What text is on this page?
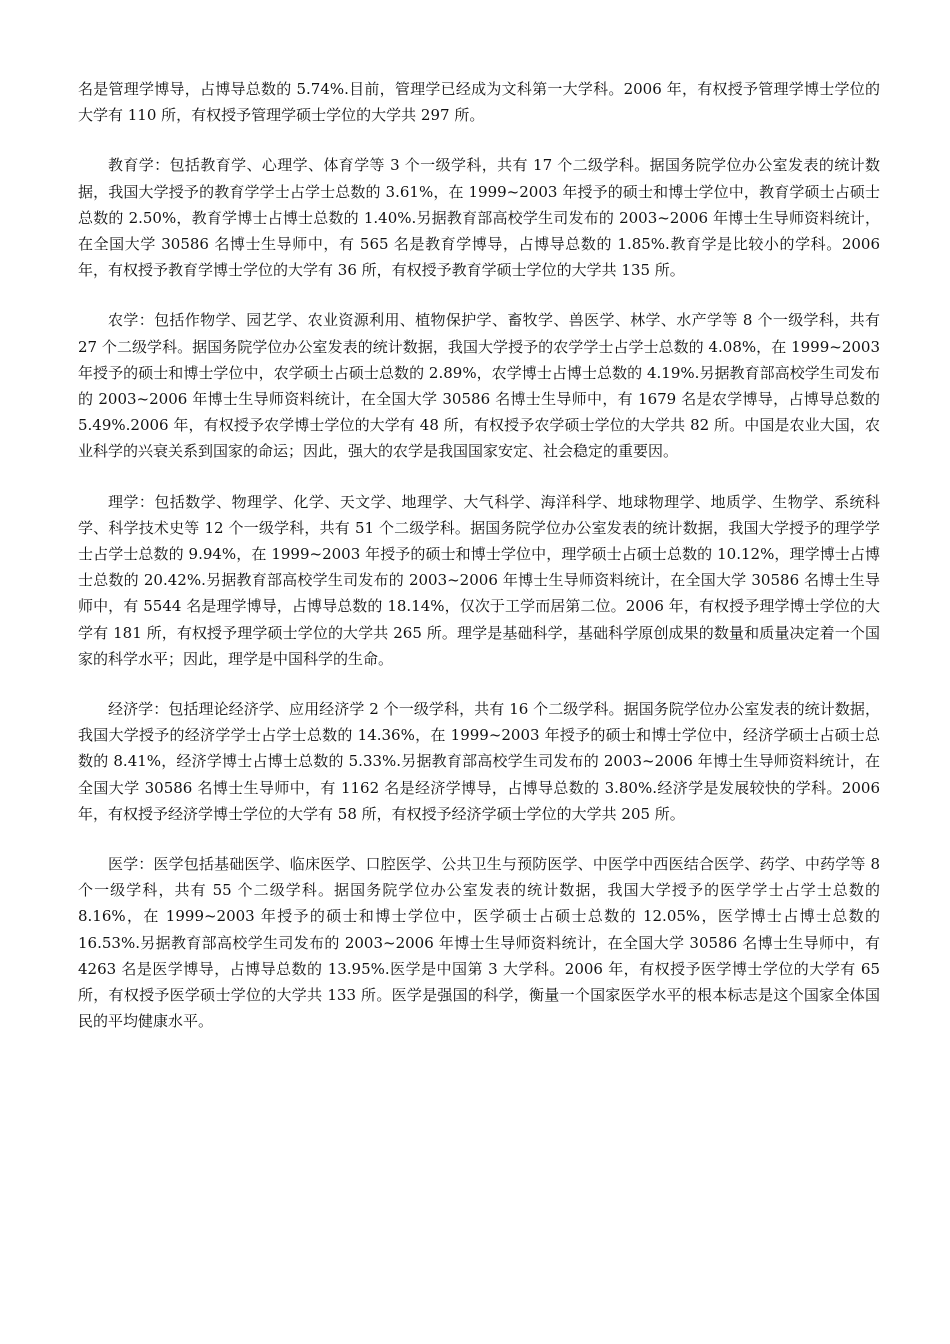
名是管理学博导，占博导总数的 5.74%.目前，管理学已经成为文科第一大学科。2006 年，有权授予管理学博士学位的大学有 110 所，有权授予管理学硕士学位的大学共 297 所。

教育学：包括教育学、心理学、体育学等 3 个一级学科，共有 17 个二级学科。据国务院学位办公室发表的统计数据，我国大学授予的教育学学士占学士总数的 3.61%，在 1999~2003 年授予的硕士和博士学位中，教育学硕士占硕士总数的 2.50%，教育学博士占博士总数的 1.40%.另据教育部高校学生司发布的 2003~2006 年博士生导师资料统计，在全国大学 30586 名博士生导师中，有 565 名是教育学博导，占博导总数的 1.85%.教育学是比较小的学科。2006 年，有权授予教育学博士学位的大学有 36 所，有权授予教育学硕士学位的大学共 135 所。

农学：包括作物学、园艺学、农业资源利用、植物保护学、畜牧学、兽医学、林学、水产学等 8 个一级学科，共有 27 个二级学科。据国务院学位办公室发表的统计数据，我国大学授予的农学学士占学士总数的 4.08%，在 1999~2003 年授予的硕士和博士学位中，农学硕士占硕士总数的 2.89%，农学博士占博士总数的 4.19%.另据教育部高校学生司发布的 2003~2006 年博士生导师资料统计，在全国大学 30586 名博士生导师中，有 1679 名是农学博导，占博导总数的 5.49%.2006 年，有权授予农学博士学位的大学有 48 所，有权授予农学硕士学位的大学共 82 所。中国是农业大国，农业科学的兴衰关系到国家的命运；因此，强大的农学是我国国家安定、社会稳定的重要因。

理学：包括数学、物理学、化学、天文学、地理学、大气科学、海洋科学、地球物理学、地质学、生物学、系统科学、科学技术史等 12 个一级学科，共有 51 个二级学科。据国务院学位办公室发表的统计数据，我国大学授予的理学学士占学士总数的 9.94%，在 1999~2003 年授予的硕士和博士学位中，理学硕士占硕士总数的 10.12%，理学博士占博士总数的 20.42%.另据教育部高校学生司发布的 2003~2006 年博士生导师资料统计，在全国大学 30586 名博士生导师中，有 5544 名是理学博导，占博导总数的 18.14%，仅次于工学而居第二位。2006 年，有权授予理学博士学位的大学有 181 所，有权授予理学硕士学位的大学共 265 所。理学是基础科学，基础科学原创成果的数量和质量决定着一个国家的科学水平；因此，理学是中国科学的生命。

经济学：包括理论经济学、应用经济学 2 个一级学科，共有 16 个二级学科。据国务院学位办公室发表的统计数据，我国大学授予的经济学学士占学士总数的 14.36%，在 1999~2003 年授予的硕士和博士学位中，经济学硕士占硕士总数的 8.41%，经济学博士占博士总数的 5.33%.另据教育部高校学生司发布的 2003~2006 年博士生导师资料统计，在全国大学 30586 名博士生导师中，有 1162 名是经济学博导，占博导总数的 3.80%.经济学是发展较快的学科。2006 年，有权授予经济学博士学位的大学有 58 所，有权授予经济学硕士学位的大学共 205 所。

医学：医学包括基础医学、临床医学、口腔医学、公共卫生与预防医学、中医学中西医结合医学、药学、中药学等 8 个一级学科，共有 55 个二级学科。据国务院学位办公室发表的统计数据，我国大学授予的医学学士占学士总数的 8.16%，在 1999~2003 年授予的硕士和博士学位中，医学硕士占硕士总数的 12.05%，医学博士占博士总数的 16.53%.另据教育部高校学生司发布的 2003~2006 年博士生导师资料统计，在全国大学 30586 名博士生导师中，有 4263 名是医学博导，占博导总数的 13.95%.医学是中国第 3 大学科。2006 年，有权授予医学博士学位的大学有 65 所，有权授予医学硕士学位的大学共 133 所。医学是强国的科学，衡量一个国家医学水平的根本标志是这个国家全体国民的平均健康水平。
